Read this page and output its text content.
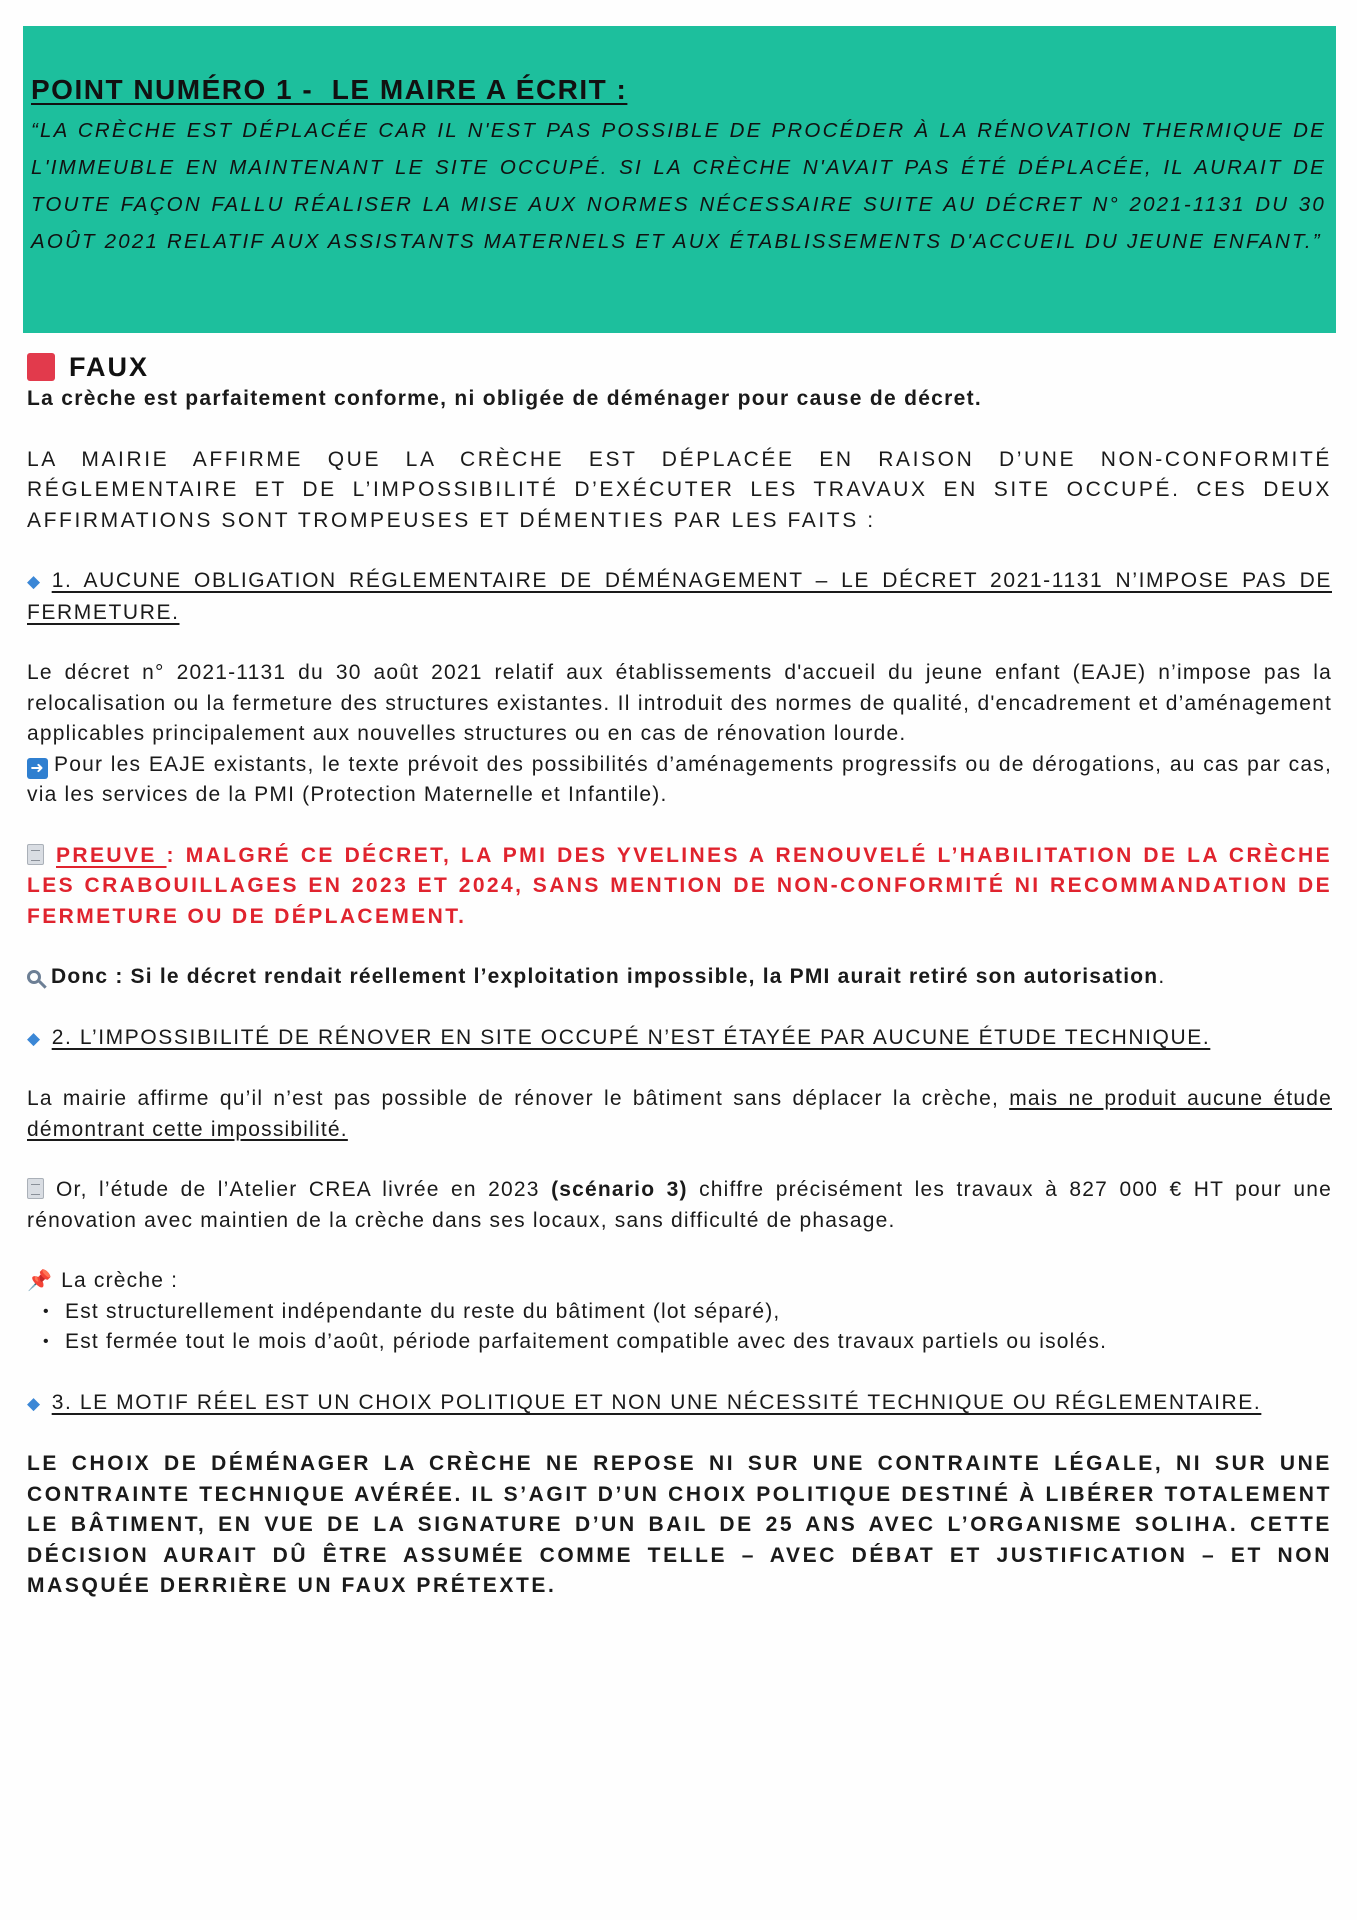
POINT NUMÉRO 1 -  LE MAIRE A ÉCRIT :

“LA CRÈCHE EST DÉPLACÉE CAR IL N'EST PAS POSSIBLE DE PROCÉDER À LA RÉNOVATION THERMIQUE DE L'IMMEUBLE EN MAINTENANT LE SITE OCCUPÉ. SI LA CRÈCHE N'AVAIT PAS ÉTÉ DÉPLACÉE, IL AURAIT DE TOUTE FAÇON FALLU RÉALISER LA MISE AUX NORMES NÉCESSAIRE SUITE AU DÉCRET N° 2021-1131 DU 30 AOÛT 2021 RELATIF AUX ASSISTANTS MATERNELS ET AUX ÉTABLISSEMENTS D'ACCUEIL DU JEUNE ENFANT.”

FAUX

La crèche est parfaitement conforme, ni obligée de déménager pour cause de décret.

LA MAIRIE AFFIRME QUE LA CRÈCHE EST DÉPLACÉE EN RAISON D’UNE NON-CONFORMITÉ RÉGLEMENTAIRE ET DE L’IMPOSSIBILITÉ D’EXÉCUTER LES TRAVAUX EN SITE OCCUPÉ. CES DEUX AFFIRMATIONS SONT TROMPEUSES ET DÉMENTIES PAR LES FAITS :

◆ 1. AUCUNE OBLIGATION RÉGLEMENTAIRE DE DÉMÉNAGEMENT – LE DÉCRET 2021-1131 N’IMPOSE PAS DE FERMETURE.

Le décret n° 2021-1131 du 30 août 2021 relatif aux établissements d'accueil du jeune enfant (EAJE) n’impose pas la relocalisation ou la fermeture des structures existantes. Il introduit des normes de qualité, d'encadrement et d’aménagement applicables principalement aux nouvelles structures ou en cas de rénovation lourde.

➜ Pour les EAJE existants, le texte prévoit des possibilités d’aménagements progressifs ou de dérogations, au cas par cas, via les services de la PMI (Protection Maternelle et Infantile).

PREUVE : MALGRÉ CE DÉCRET, LA PMI DES YVELINES A RENOUVELÉ L’HABILITATION DE LA CRÈCHE LES CRABOUILLAGES EN 2023 ET 2024, SANS MENTION DE NON-CONFORMITÉ NI RECOMMANDATION DE FERMETURE OU DE DÉPLACEMENT.

Donc : Si le décret rendait réellement l’exploitation impossible, la PMI aurait retiré son autorisation.

◆ 2. L’IMPOSSIBILITÉ DE RÉNOVER EN SITE OCCUPÉ N’EST ÉTAYÉE PAR AUCUNE ÉTUDE TECHNIQUE.

La mairie affirme qu’il n’est pas possible de rénover le bâtiment sans déplacer la crèche, mais ne produit aucune étude démontrant cette impossibilité.

Or, l’étude de l’Atelier CREA livrée en 2023 (scénario 3) chiffre précisément les travaux à 827 000 € HT pour une rénovation avec maintien de la crèche dans ses locaux, sans difficulté de phasage.

📌 La crèche :

• Est structurellement indépendante du reste du bâtiment (lot séparé),
• Est fermée tout le mois d’août, période parfaitement compatible avec des travaux partiels ou isolés.

◆ 3. LE MOTIF RÉEL EST UN CHOIX POLITIQUE ET NON UNE NÉCESSITÉ TECHNIQUE OU RÉGLEMENTAIRE.

LE CHOIX DE DÉMÉNAGER LA CRÈCHE NE REPOSE NI SUR UNE CONTRAINTE LÉGALE, NI SUR UNE CONTRAINTE TECHNIQUE AVÉRÉE. IL S’AGIT D’UN CHOIX POLITIQUE DESTINÉ À LIBÉRER TOTALEMENT LE BÂTIMENT, EN VUE DE LA SIGNATURE D’UN BAIL DE 25 ANS AVEC L’ORGANISME SOLIHA. CETTE DÉCISION AURAIT DÛ ÊTRE ASSUMÉE COMME TELLE – AVEC DÉBAT ET JUSTIFICATION – ET NON MASQUÉE DERRIÈRE UN FAUX PRÉTEXTE.
